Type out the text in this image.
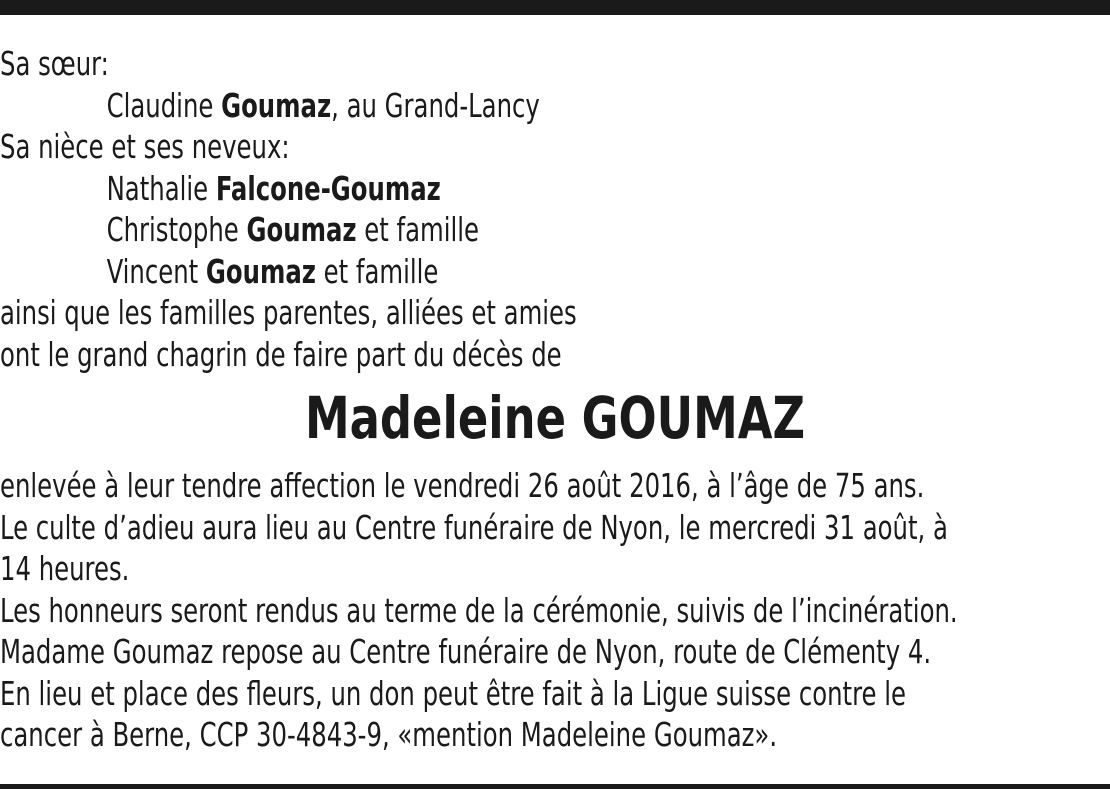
Sa sœur:
Claudine Goumaz, au Grand-Lancy
Sa nièce et ses neveux:
Nathalie Falcone-Goumaz
Christophe Goumaz et famille
Vincent Goumaz et famille
ainsi que les familles parentes, alliées et amies
ont le grand chagrin de faire part du décès de
Madeleine GOUMAZ
enlevée à leur tendre affection le vendredi 26 août 2016, à l’âge de 75 ans.
Le culte d’adieu aura lieu au Centre funéraire de Nyon, le mercredi 31 août, à
14 heures.
Les honneurs seront rendus au terme de la cérémonie, suivis de l’incinération.
Madame Goumaz repose au Centre funéraire de Nyon, route de Clémenty 4.
En lieu et place des fleurs, un don peut être fait à la Ligue suisse contre le
cancer à Berne, CCP 30-4843-9, «mention Madeleine Goumaz».
